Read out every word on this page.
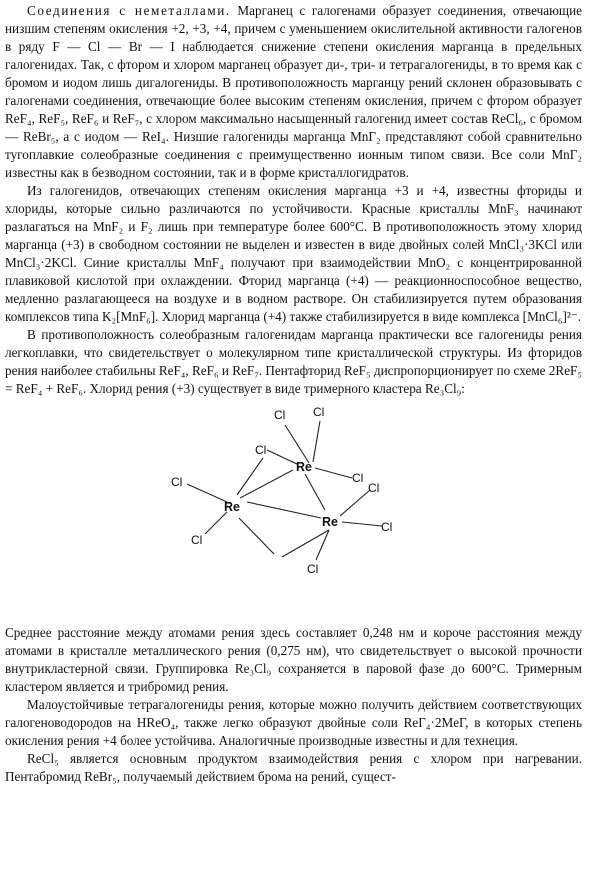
Соединения с неметаллами. Марганец с галогенами образует соединения, отвечающие низшим степеням окисления +2, +3, +4, причем с уменьшением окислительной активности галогенов в ряду F — Cl — Br — I наблюдается снижение степени окисления марганца в предельных галогенидах. Так, с фтором и хлором марганец образует ди-, три- и тетрагалогениды, в то время как с бромом и иодом лишь дигалогениды. В противоположность марганцу рений склонен образовывать с галогенами соединения, отвечающие более высоким степеням окисления, причем с фтором образует ReF₄, ReF₅, ReF₆ и ReF₇, с хлором максимально насыщенный галогенид имеет состав ReCl₆, с бромом — ReBr₅, а с иодом — ReI₄. Низшие галогениды марганца MnΓ₂ представляют собой сравнительно тугоплавкие солеобразные соединения с преимущественно ионным типом связи. Все соли MnΓ₂ известны как в безводном состоянии, так и в форме кристаллогидратов.

Из галогенидов, отвечающих степеням окисления марганца +3 и +4, известны фториды и хлориды, которые сильно различаются по устойчивости. Красные кристаллы MnF₃ начинают разлагаться на MnF₂ и F₂ лишь при температуре более 600°С. В противоположность этому хлорид марганца (+3) в свободном состоянии не выделен и известен в виде двойных солей MnCl₃·3KCl или MnCl₃·2KCl. Синие кристаллы MnF₄ получают при взаимодействии MnO₂ с концентрированной плавиковой кислотой при охлаждении. Фторид марганца (+4) — реакционноспособное вещество, медленно разлагающееся на воздухе и в водном растворе. Он стабилизируется путем образования комплексов типа K₂[MnF₆]. Хлорид марганца (+4) также стабилизируется в виде комплекса [MnCl₆]²⁻.

В противоположность солеобразным галогенидам марганца практически все галогениды рения легкоплавки, что свидетельствует о молекулярном типе кристаллической структуры. Из фторидов рения наиболее стабильны ReF₄, ReF₆ и ReF₇. Пентафторид ReF₅ диспропорционирует по схеме 2ReF₅ = ReF₄ + ReF₆. Хлорид рения (+3) существует в виде тримерного кластера Re₃Cl₉:

Re
Re
Re
Cl Cl
Cl
Cl
Cl
Cl
Cl
Cl
Cl

Среднее расстояние между атомами рения здесь составляет 0,248 нм и короче расстояния между атомами в кристалле металлического рения (0,275 нм), что свидетельствует о высокой прочности внутрикластерной связи. Группировка Re₃Cl₉ сохраняется в паровой фазе до 600°С. Тримерным кластером является и трибромид рения.

Малоустойчивые тетрагалогениды рения, которые можно получить действием соответствующих галогеноводородов на HReO₄, также легко образуют двойные соли ReΓ₄·2MeΓ, в которых степень окисления рения +4 более устойчива. Аналогичные производные известны и для технеция.

ReCl₅ является основным продуктом взаимодействия рения с хлором при нагревании. Пентабромид ReBr₅, получаемый действием брома на рений, сущест-
